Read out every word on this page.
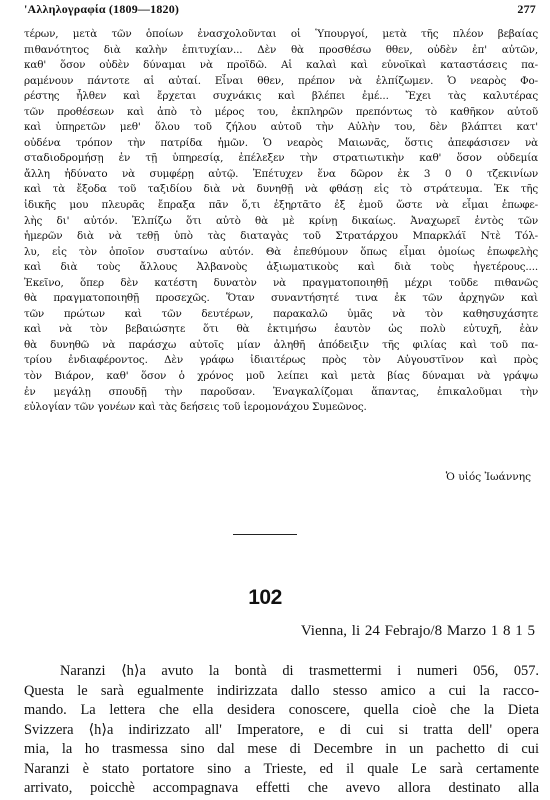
'Αλληλογραφία (1809—1820)	277
τέρων, μετὰ τῶν ὁποίων ἐνασχολοῦνται οἱ Ὑπουργοί, μετὰ τῆς πλέον βεβαίας
πιθανότητος διὰ καλὴν ἐπιτυχίαν... Δὲν θὰ προσθέσω θθεν, οὐδὲν ἐπ' αὐτῶν,
καθ' ὅσον οὐδὲν δύναμαι νὰ προϊδῶ. Αἱ καλαὶ καὶ εὐνοϊκαὶ καταστάσεις πα-
ραμένουν πάντοτε αἱ αὐταί. Εἶναι θθεν, πρέπον νὰ ἐλπίζωμεν. Ὁ νεαρὸς Φο-
ρέστης ἦλθεν καὶ ἔρχεται συχνάκις καὶ βλέπει ἐμέ... Ἔχει τὰς καλυτέρας
τῶν προθέσεων καὶ ἀπὸ τὸ μέρος του, ἐκπληρῶν πρεπόντως τὸ καθῆκον αὐτοῦ
καὶ ὑπηρετῶν μεθ' ὅλου τοῦ ζήλου αὐτοῦ τὴν Αὐλὴν του, δὲν βλάπτει κατ'
οὐδένα τρόπον τὴν πατρίδα ἡμῶν. Ὁ νεαρὸς Μαιωνᾶς, ὅστις ἀπεφάσισεν νὰ
σταδιοδρομήσῃ ἐν τῇ ὑπηρεσίᾳ, ἐπέλεξεν τὴν στρατιωτικὴν καθ' ὅσον οὐδεμία
ἄλλη ἠδύνατο νὰ συμφέρῃ αὐτῷ. Ἐπέτυχεν ἕνα δῶρον ἐκ 3 0 0 τζεκινίων
καὶ τὰ ἔξοδα τοῦ ταξιδίου διὰ νὰ δυνηθῇ νὰ φθάσῃ εἰς τὸ στράτευμα. Ἐκ τῆς
ἰδικῆς μου πλευρᾶς ἔπραξα πᾶν ὅ,τι ἐξηρτᾶτο ἐξ ἐμοῦ ὥστε νὰ εἶμαι ἐπωφε-
λὴς δι' αὐτόν. Ἐλπίζω ὅτι αὐτὸ θὰ μὲ κρίνῃ δικαίως. Ἀναχωρεῖ ἐντὸς τῶν
ἡμερῶν διὰ νὰ τεθῇ ὑπὸ τὰς διαταγὰς τοῦ Στρατάρχου Μπαρκλάϊ Ντὲ Τόλ-
λυ, εἰς τὸν ὁποῖον συσταίνω αὐτόν. Θὰ ἐπεθύμουν ὅπως εἶμαι ὁμοίως ἐπωφελὴς
καὶ διὰ τοὺς ἄλλους Ἀλβανοὺς ἀξιωματικοὺς καὶ διὰ τοὺς ἡγετέρους....
Ἐκεῖνο, ὅπερ δὲν κατέστη δυνατὸν νὰ πραγματοποιηθῇ μέχρι τοῦδε πιθανῶς
θὰ πραγματοποιηθῇ προσεχῶς. Ὅταν συναντήσητέ τινα ἐκ τῶν ἀρχηγῶν καὶ
τῶν πρώτων καὶ τῶν δευτέρων, παρακαλῶ ὑμᾶς νὰ τὸν καθησυχάσητε
καὶ νὰ τὸν βεβαιώσητε ὅτι θὰ ἐκτιμήσω ἑαυτὸν ὡς πολὺ εὐτυχῆ, ἐὰν
θὰ δυνηθῶ νὰ παράσχω αὐτοῖς μίαν ἀληθῆ ἀπόδειξιν τῆς φιλίας καὶ τοῦ πα-
τρίου ἐνδιαφέροντος. Δὲν γράφω ἰδιαιτέρως πρὸς τὸν Αὐγουστῖνον καὶ πρὸς
τὸν Βιάρον, καθ' ὅσον ὁ χρόνος μοῦ λείπει καὶ μετὰ βίας δύναμαι νὰ γράψω
ἐν μεγάλῃ σπουδῇ τὴν παροῦσαν. Ἐναγκαλίζομαι ἅπαντας, ἐπικαλοῦμαι τὴν
εὐλογίαν τῶν γονέων καὶ τὰς δεήσεις τοῦ ἱερομονάχου Συμεῶνος.
Ὁ υἱός Ἰωάννης
102
Vienna, li 24 Febrajo/8 Marzo 1 8 1 5
Naranzi ⟨h⟩a avuto la bontà di trasmettermi i numeri 056, 057.
Questa le sarà egualmente indirizzata dallo stesso amico a cui la racco-
mando. La lettera che ella desidera conoscere, quella cioè che la Dieta
Svizzera ⟨h⟩a indirizzato all' Imperatore, e di cui si tratta dell' opera
mia, la ho trasmessa sino dal mese di Decembre in un pachetto di cui
Naranzi è stato portatore sino a Trieste, ed il quale Le sarà certamente
arrivato, poicchè accompagnava effetti che avevo allora destinato alla
